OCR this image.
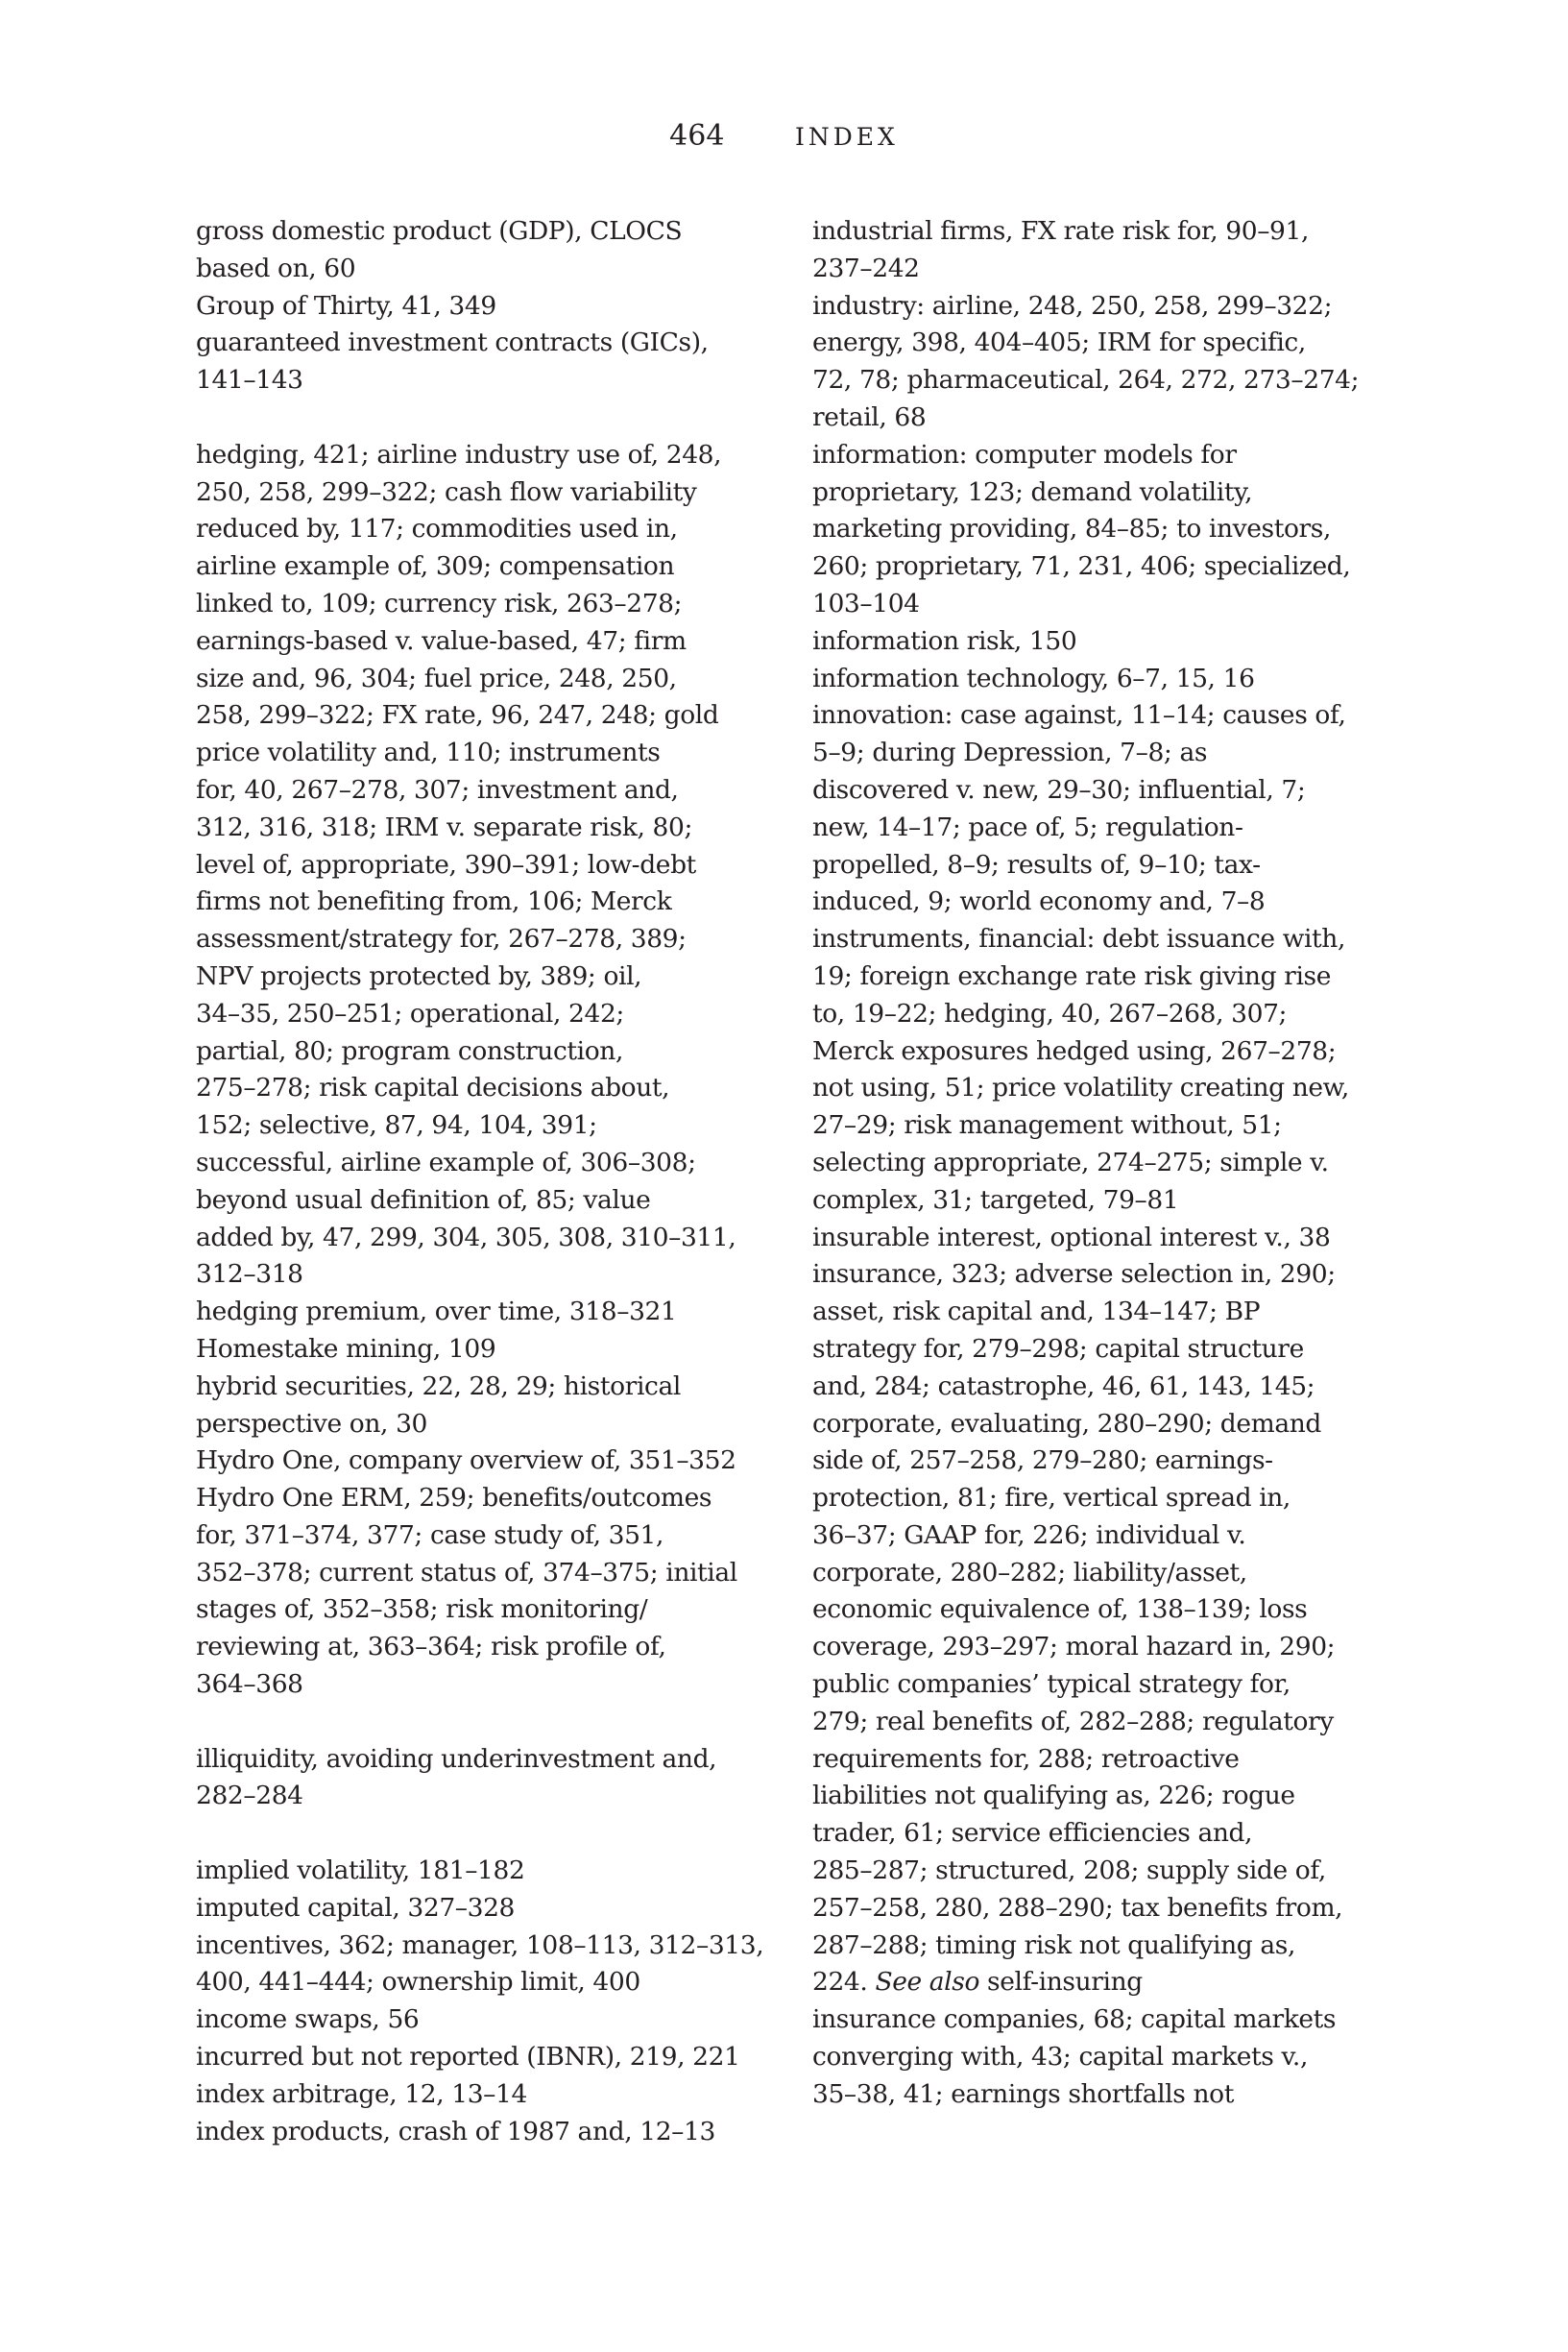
464	INDEX

gross domestic product (GDP), CLOCS
based on, 60

Group of Thirty, 41, 349

guaranteed investment contracts (GICs),
141–143

hedging, 421; airline industry use of, 248,
250, 258, 299–322; cash flow variability
reduced by, 117; commodities used in,
airline example of, 309; compensation
linked to, 109; currency risk, 263–278;
earnings-based v. value-based, 47; firm
size and, 96, 304; fuel price, 248, 250,
258, 299–322; FX rate, 96, 247, 248; gold
price volatility and, 110; instruments
for, 40, 267–278, 307; investment and,
312, 316, 318; IRM v. separate risk, 80;
level of, appropriate, 390–391; low-debt
firms not benefiting from, 106; Merck
assessment/strategy for, 267–278, 389;
NPV projects protected by, 389; oil,
34–35, 250–251; operational, 242;
partial, 80; program construction,
275–278; risk capital decisions about,
152; selective, 87, 94, 104, 391;
successful, airline example of, 306–308;
beyond usual definition of, 85; value
added by, 47, 299, 304, 305, 308, 310–311,
312–318

hedging premium, over time, 318–321

Homestake mining, 109

hybrid securities, 22, 28, 29; historical
perspective on, 30

Hydro One, company overview of, 351–352

Hydro One ERM, 259; benefits/outcomes
for, 371–374, 377; case study of, 351,
352–378; current status of, 374–375; initial
stages of, 352–358; risk monitoring/
reviewing at, 363–364; risk profile of,
364–368

illiquidity, avoiding underinvestment and,
282–284

implied volatility, 181–182

imputed capital, 327–328

incentives, 362; manager, 108–113, 312–313,
400, 441–444; ownership limit, 400

income swaps, 56

incurred but not reported (IBNR), 219, 221

index arbitrage, 12, 13–14

index products, crash of 1987 and, 12–13

industrial firms, FX rate risk for, 90–91,
237–242

industry: airline, 248, 250, 258, 299–322;
energy, 398, 404–405; IRM for specific,
72, 78; pharmaceutical, 264, 272, 273–274;
retail, 68

information: computer models for
proprietary, 123; demand volatility,
marketing providing, 84–85; to investors,
260; proprietary, 71, 231, 406; specialized,
103–104

information risk, 150

information technology, 6–7, 15, 16

innovation: case against, 11–14; causes of,
5–9; during Depression, 7–8; as
discovered v. new, 29–30; influential, 7;
new, 14–17; pace of, 5; regulation-
propelled, 8–9; results of, 9–10; tax-
induced, 9; world economy and, 7–8

instruments, financial: debt issuance with,
19; foreign exchange rate risk giving rise
to, 19–22; hedging, 40, 267–268, 307;
Merck exposures hedged using, 267–278;
not using, 51; price volatility creating new,
27–29; risk management without, 51;
selecting appropriate, 274–275; simple v.
complex, 31; targeted, 79–81

insurable interest, optional interest v., 38

insurance, 323; adverse selection in, 290;
asset, risk capital and, 134–147; BP
strategy for, 279–298; capital structure
and, 284; catastrophe, 46, 61, 143, 145;
corporate, evaluating, 280–290; demand
side of, 257–258, 279–280; earnings-
protection, 81; fire, vertical spread in,
36–37; GAAP for, 226; individual v.
corporate, 280–282; liability/asset,
economic equivalence of, 138–139; loss
coverage, 293–297; moral hazard in, 290;
public companies’ typical strategy for,
279; real benefits of, 282–288; regulatory
requirements for, 288; retroactive
liabilities not qualifying as, 226; rogue
trader, 61; service efficiencies and,
285–287; structured, 208; supply side of,
257–258, 280, 288–290; tax benefits from,
287–288; timing risk not qualifying as,
224. See also self-insuring

insurance companies, 68; capital markets
converging with, 43; capital markets v.,
35–38, 41; earnings shortfalls not
